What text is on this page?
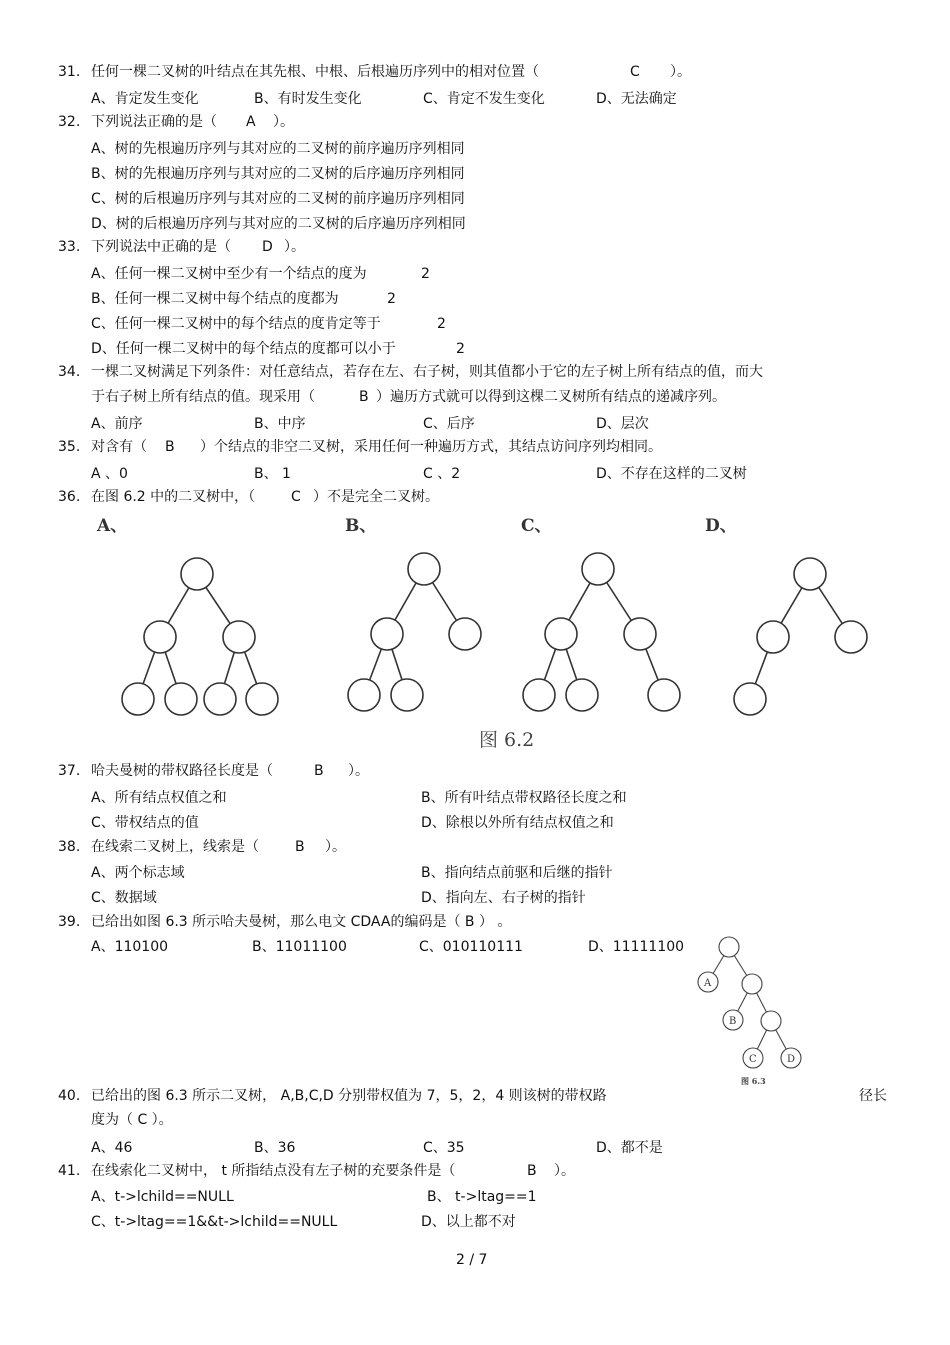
31. 任何一棵二叉树的叶结点在其先根、中根、后根遍历序列中的相对位置（	C ）。
A、肯定发生变化	B、有时发生变化	C、肯定不发生变化	D、无法确定
32. 下列说法正确的是（ A ）。
A、树的先根遍历序列与其对应的二叉树的前序遍历序列相同
B、树的先根遍历序列与其对应的二叉树的后序遍历序列相同
C、树的后根遍历序列与其对应的二叉树的前序遍历序列相同
D、树的后根遍历序列与其对应的二叉树的后序遍历序列相同
33. 下列说法中正确的是（ D ）。
A、任何一棵二叉树中至少有一个结点的度为	2
B、任何一棵二叉树中每个结点的度都为	2
C、任何一棵二叉树中的每个结点的度肯定等于	2
D、任何一棵二叉树中的每个结点的度都可以小于	2
34. 一棵二叉树满足下列条件：对任意结点，若存在左、右子树，则其值都小于它的左子树上所有结点的值，而大
于右子树上所有结点的值。现采用（	B ）遍历方式就可以得到这棵二叉树所有结点的递减序列。
A、前序	B、中序	C、后序	D、层次
35. 对含有（ B ）个结点的非空二叉树，采用任何一种遍历方式，其结点访问序列均相同。
A 、0	B、 1	C 、2	D、不存在这样的二叉树
36. 在图 6.2 中的二叉树中，（	C ）不是完全二叉树。
A、	B、	C、	D、
图 6.2
37. 哈夫曼树的带权路径长度是（	B ）。
A、所有结点权值之和	B、所有叶结点带权路径长度之和
C、带权结点的值	D、除根以外所有结点权值之和
38. 在线索二叉树上，线索是（	B ）。
A、两个标志域	B、指向结点前驱和后继的指针
C、数据域	D、指向左、右子树的指针
39. 已给出如图 6.3 所示哈夫曼树，那么电文 CDAA的编码是（ B ） 。
A、110100	B、11011100	C、010110111	D、11111100
A
B
C	D
图 6.3
40. 已给出的图 6.3 所示二叉树， A,B,C,D 分别带权值为 7，5，2，4 则该树的带权路	径长
度为（ C ）。
A、46	B、36	C、35	D、都不是
41. 在线索化二叉树中， t 所指结点没有左子树的充要条件是（	B ）。
A、t->lchild==NULL	B、 t->ltag==1
C、t->ltag==1&&t->lchild==NULL	D、以上都不对
2 / 7
